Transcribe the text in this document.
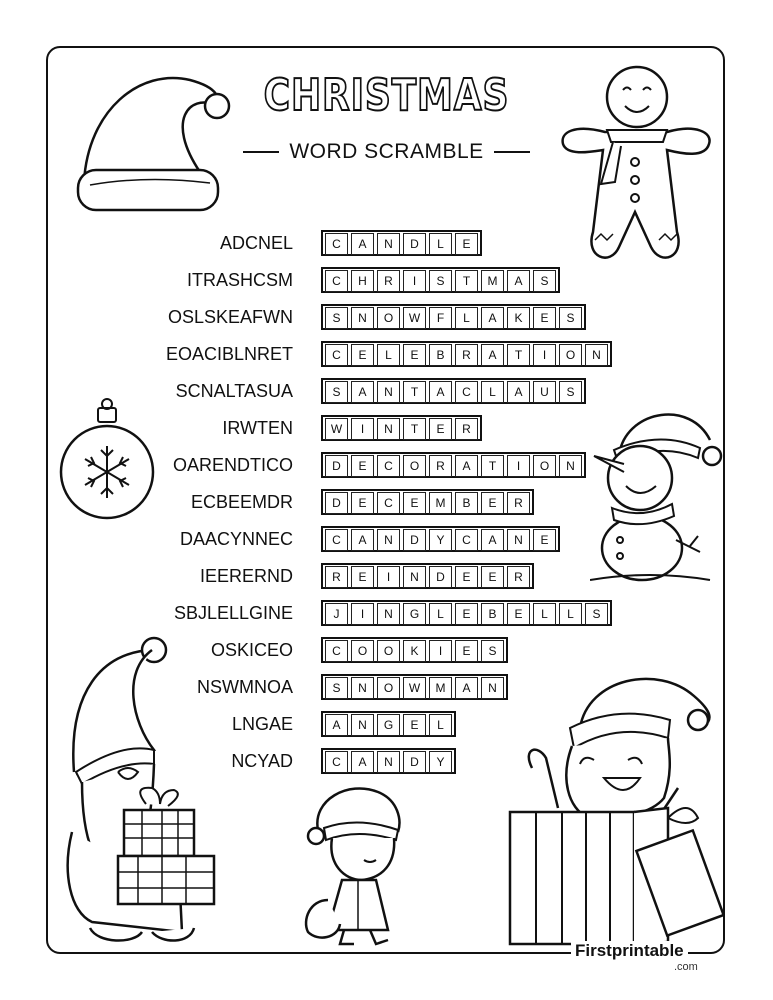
CHRISTMAS
WORD SCRAMBLE
ADCNEL	C	A	N	D	L	E
ITRASHCSM	C	H	R	I	S	T	M	A	S
OSLSKEAFWN	S	N	O	W	F	L	A	K	E	S
EOACIBLNRET	C	E	L	E	B	R	A	T	I	O	N
SCNALTASUA	S	A	N	T	A	C	L	A	U	S
IRWTEN	W	I	N	T	E	R
OARENDTICO	D	E	C	O	R	A	T	I	O	N
ECBEEMDR	D	E	C	E	M	B	E	R
DAACYNNEC	C	A	N	D	Y	C	A	N	E
IEERERND	R	E	I	N	D	E	E	R
SBJLELLGINE	J	I	N	G	L	E	B	E	L	L	S
OSKICEO	C	O	O	K	I	E	S
NSWMNOA	S	N	O	W	M	A	N
LNGAE	A	N	G	E	L
NCYAD	C	A	N	D	Y
Firstprintable
.com
